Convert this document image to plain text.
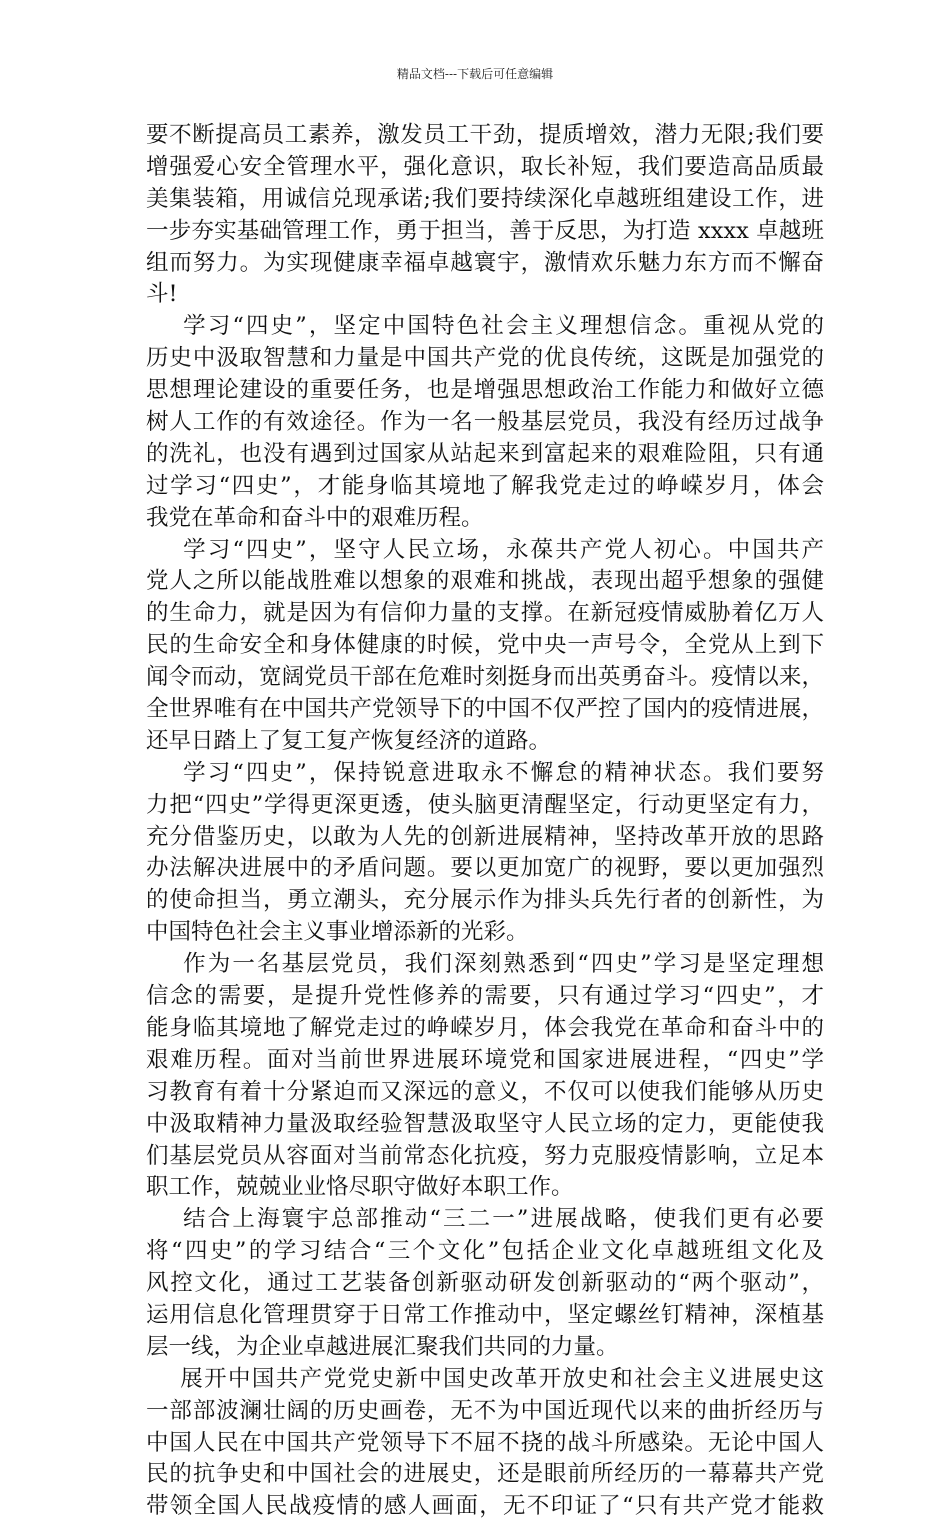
精品文档---下载后可任意编辑
要不断提高员工素养，激发员工干劲，提质增效，潜力无限;我们要
增强爱心安全管理水平，强化意识，取长补短，我们要造高品质最
美集装箱，用诚信兑现承诺;我们要持续深化卓越班组建设工作，进
一步夯实基础管理工作，勇于担当，善于反思，为打造 xxxx 卓越班
组而努力。为实现健康幸福卓越寰宇，激情欢乐魅力东方而不懈奋
斗!
学习“四史”，坚定中国特色社会主义理想信念。重视从党的
历史中汲取智慧和力量是中国共产党的优良传统，这既是加强党的
思想理论建设的重要任务，也是增强思想政治工作能力和做好立德
树人工作的有效途径。作为一名一般基层党员，我没有经历过战争
的洗礼，也没有遇到过国家从站起来到富起来的艰难险阻，只有通
过学习“四史”，才能身临其境地了解我党走过的峥嵘岁月，体会
我党在革命和奋斗中的艰难历程。
学习“四史”，坚守人民立场，永葆共产党人初心。中国共产
党人之所以能战胜难以想象的艰难和挑战，表现出超乎想象的强健
的生命力，就是因为有信仰力量的支撑。在新冠疫情威胁着亿万人
民的生命安全和身体健康的时候，党中央一声号令，全党从上到下
闻令而动，宽阔党员干部在危难时刻挺身而出英勇奋斗。疫情以来，
全世界唯有在中国共产党领导下的中国不仅严控了国内的疫情进展，
还早日踏上了复工复产恢复经济的道路。
学习“四史”，保持锐意进取永不懈怠的精神状态。我们要努
力把“四史”学得更深更透，使头脑更清醒坚定，行动更坚定有力，
充分借鉴历史，以敢为人先的创新进展精神，坚持改革开放的思路
办法解决进展中的矛盾问题。要以更加宽广的视野，要以更加强烈
的使命担当，勇立潮头，充分展示作为排头兵先行者的创新性，为
中国特色社会主义事业增添新的光彩。
作为一名基层党员，我们深刻熟悉到“四史”学习是坚定理想
信念的需要，是提升党性修养的需要，只有通过学习“四史”，才
能身临其境地了解党走过的峥嵘岁月，体会我党在革命和奋斗中的
艰难历程。面对当前世界进展环境党和国家进展进程，“四史”学
习教育有着十分紧迫而又深远的意义，不仅可以使我们能够从历史
中汲取精神力量汲取经验智慧汲取坚守人民立场的定力，更能使我
们基层党员从容面对当前常态化抗疫，努力克服疫情影响，立足本
职工作，兢兢业业恪尽职守做好本职工作。
结合上海寰宇总部推动“三二一”进展战略，使我们更有必要
将“四史”的学习结合“三个文化”包括企业文化卓越班组文化及
风控文化，通过工艺装备创新驱动研发创新驱动的“两个驱动”，
运用信息化管理贯穿于日常工作推动中，坚定螺丝钉精神，深植基
层一线，为企业卓越进展汇聚我们共同的力量。
展开中国共产党党史新中国史改革开放史和社会主义进展史这
一部部波澜壮阔的历史画卷，无不为中国近现代以来的曲折经历与
中国人民在中国共产党领导下不屈不挠的战斗所感染。无论中国人
民的抗争史和中国社会的进展史，还是眼前所经历的一幕幕共产党
带领全国人民战疫情的感人画面，无不印证了“只有共产党才能救
